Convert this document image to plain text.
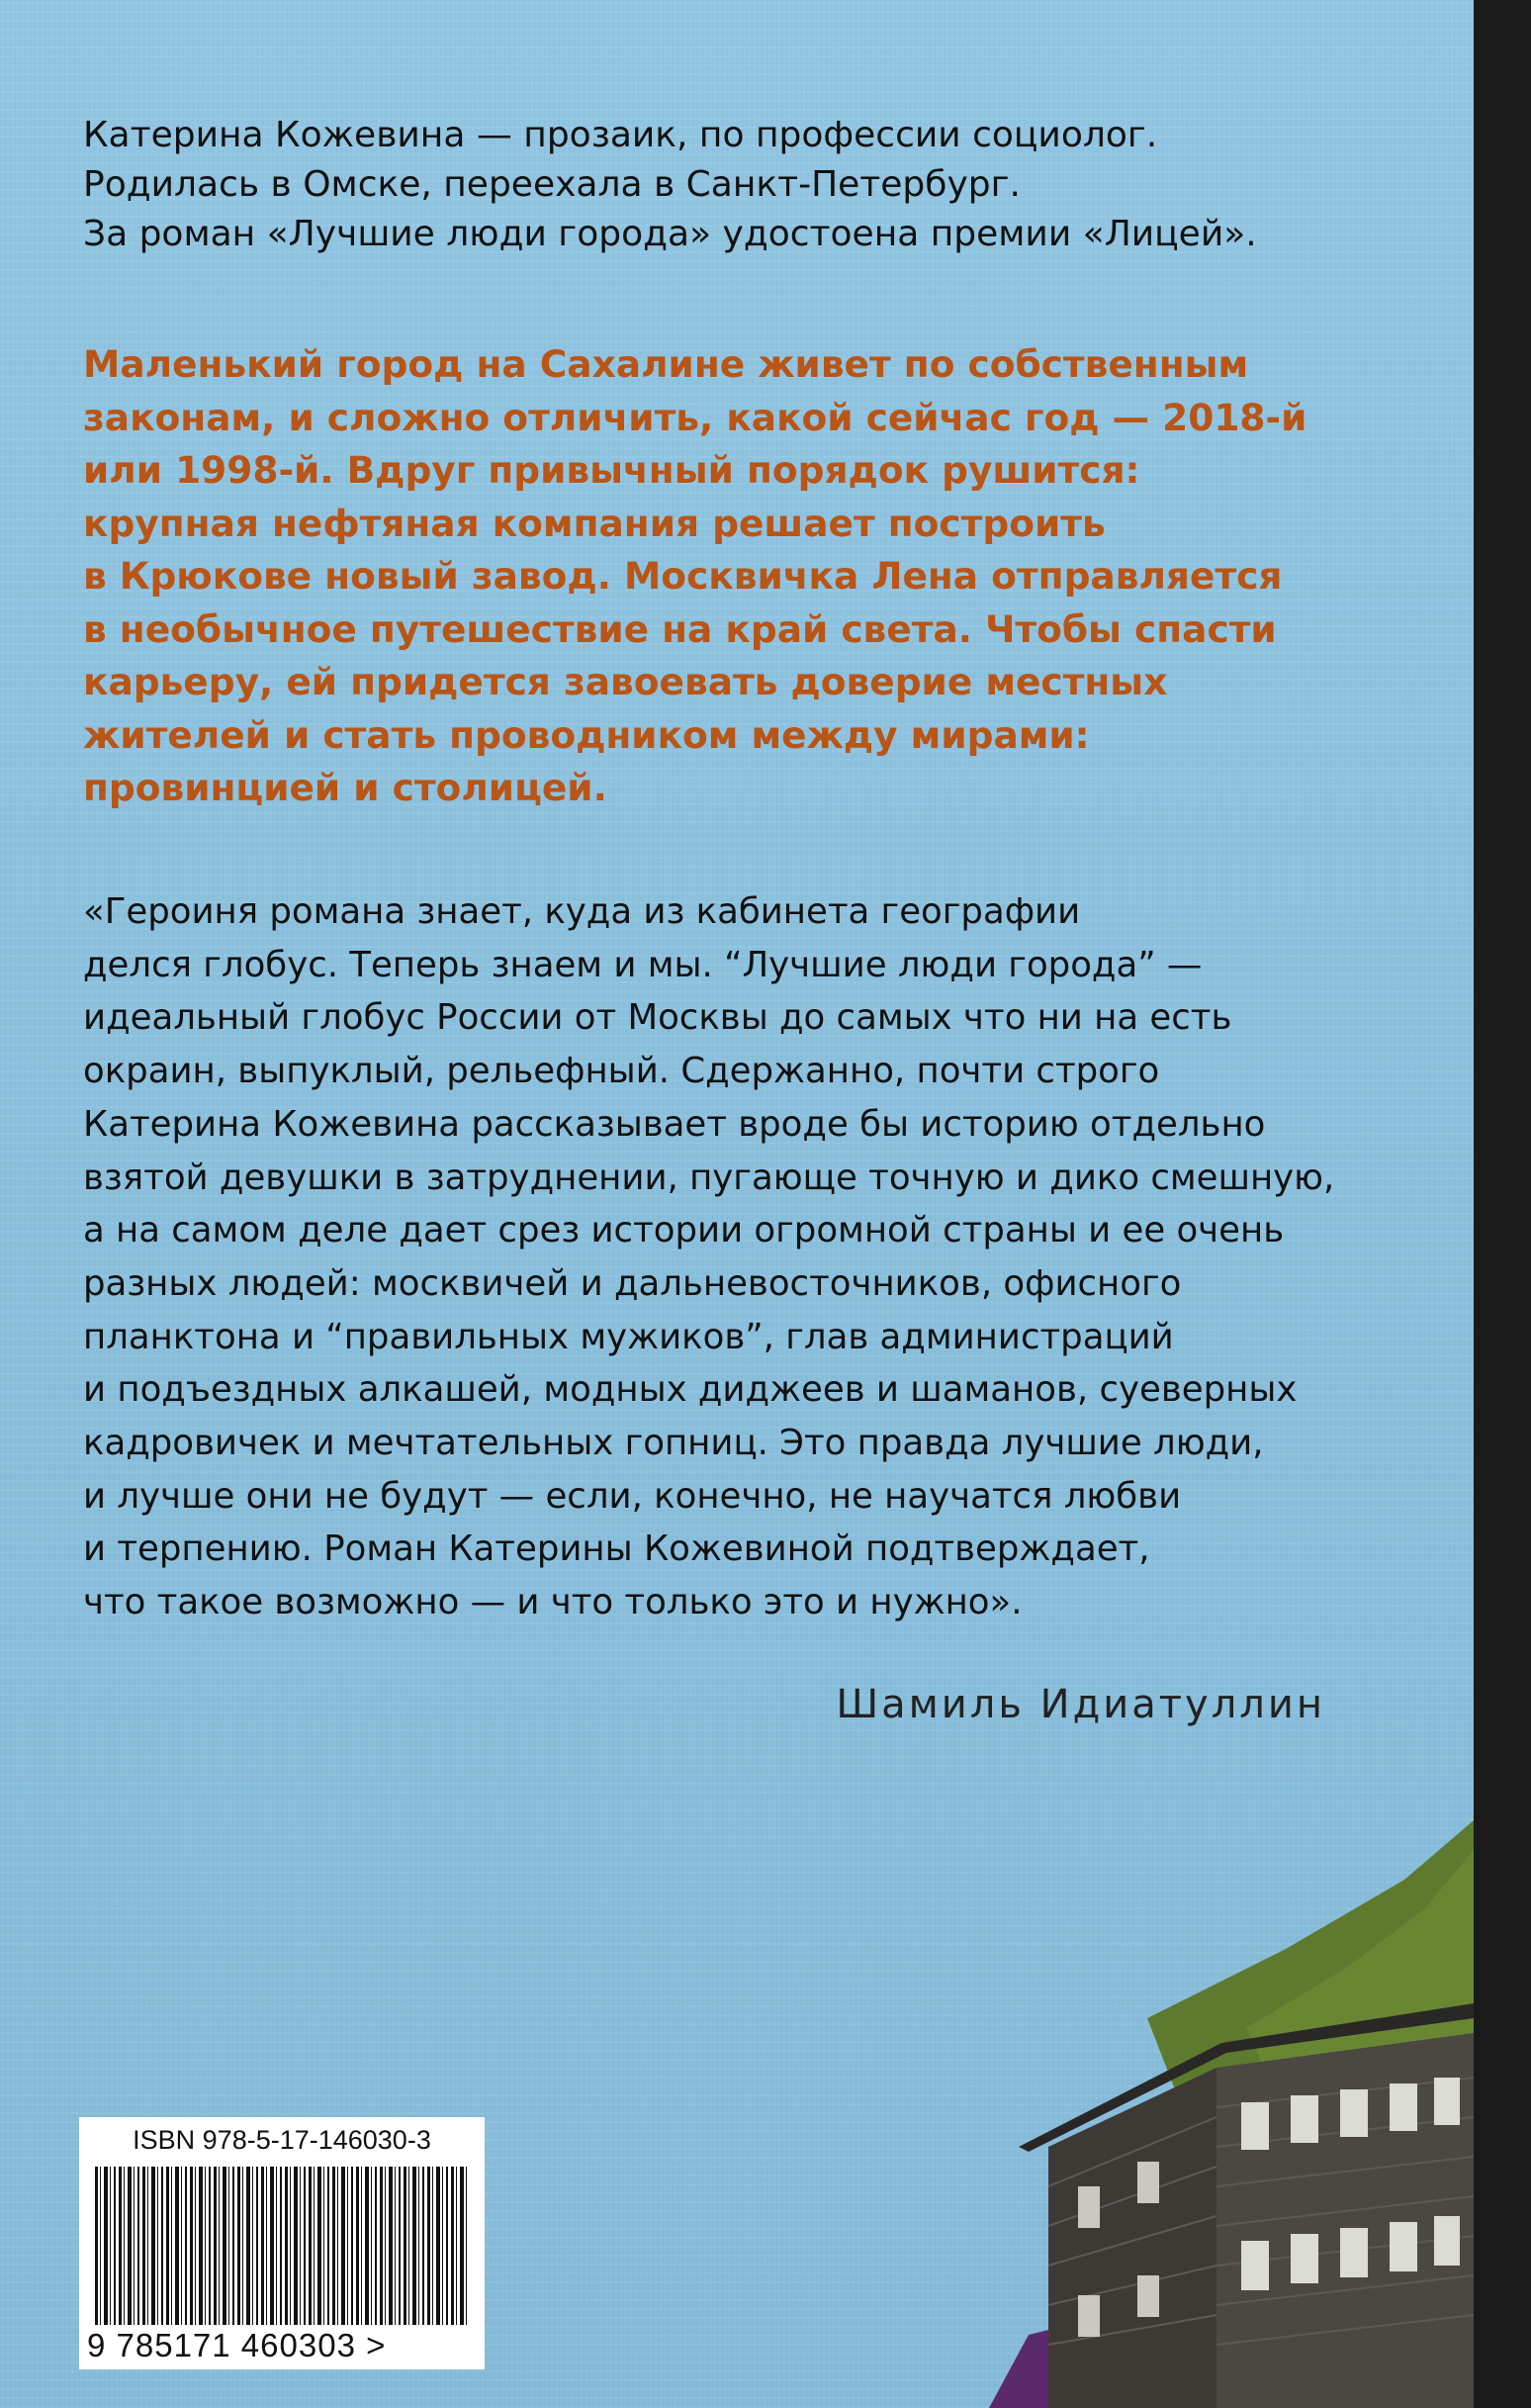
Катерина Кожевина — прозаик, по профессии социолог.
Родилась в Омске, переехала в Санкт-Петербург.
За роман «Лучшие люди города» удостоена премии «Лицей».
Маленький город на Сахалине живет по собственным
законам, и сложно отличить, какой сейчас год — 2018-й
или 1998-й. Вдруг привычный порядок рушится:
крупная нефтяная компания решает построить
в Крюкове новый завод. Москвичка Лена отправляется
в необычное путешествие на край света. Чтобы спасти
карьеру, ей придется завоевать доверие местных
жителей и стать проводником между мирами:
провинцией и столицей.
«Героиня романа знает, куда из кабинета географии
делся глобус. Теперь знаем и мы. “Лучшие люди города” —
идеальный глобус России от Москвы до самых что ни на есть
окраин, выпуклый, рельефный. Сдержанно, почти строго
Катерина Кожевина рассказывает вроде бы историю отдельно
взятой девушки в затруднении, пугающе точную и дико смешную,
а на самом деле дает срез истории огромной страны и ее очень
разных людей: москвичей и дальневосточников, офисного
планктона и “правильных мужиков”, глав администраций
и подъездных алкашей, модных диджеев и шаманов, суеверных
кадровичек и мечтательных гопниц. Это правда лучшие люди,
и лучше они не будут — если, конечно, не научатся любви
и терпению. Роман Катерины Кожевиной подтверждает,
что такое возможно — и что только это и нужно».
Шамиль Идиатуллин
ISBN 978-5-17-146030-3
9 785171 460303 >
